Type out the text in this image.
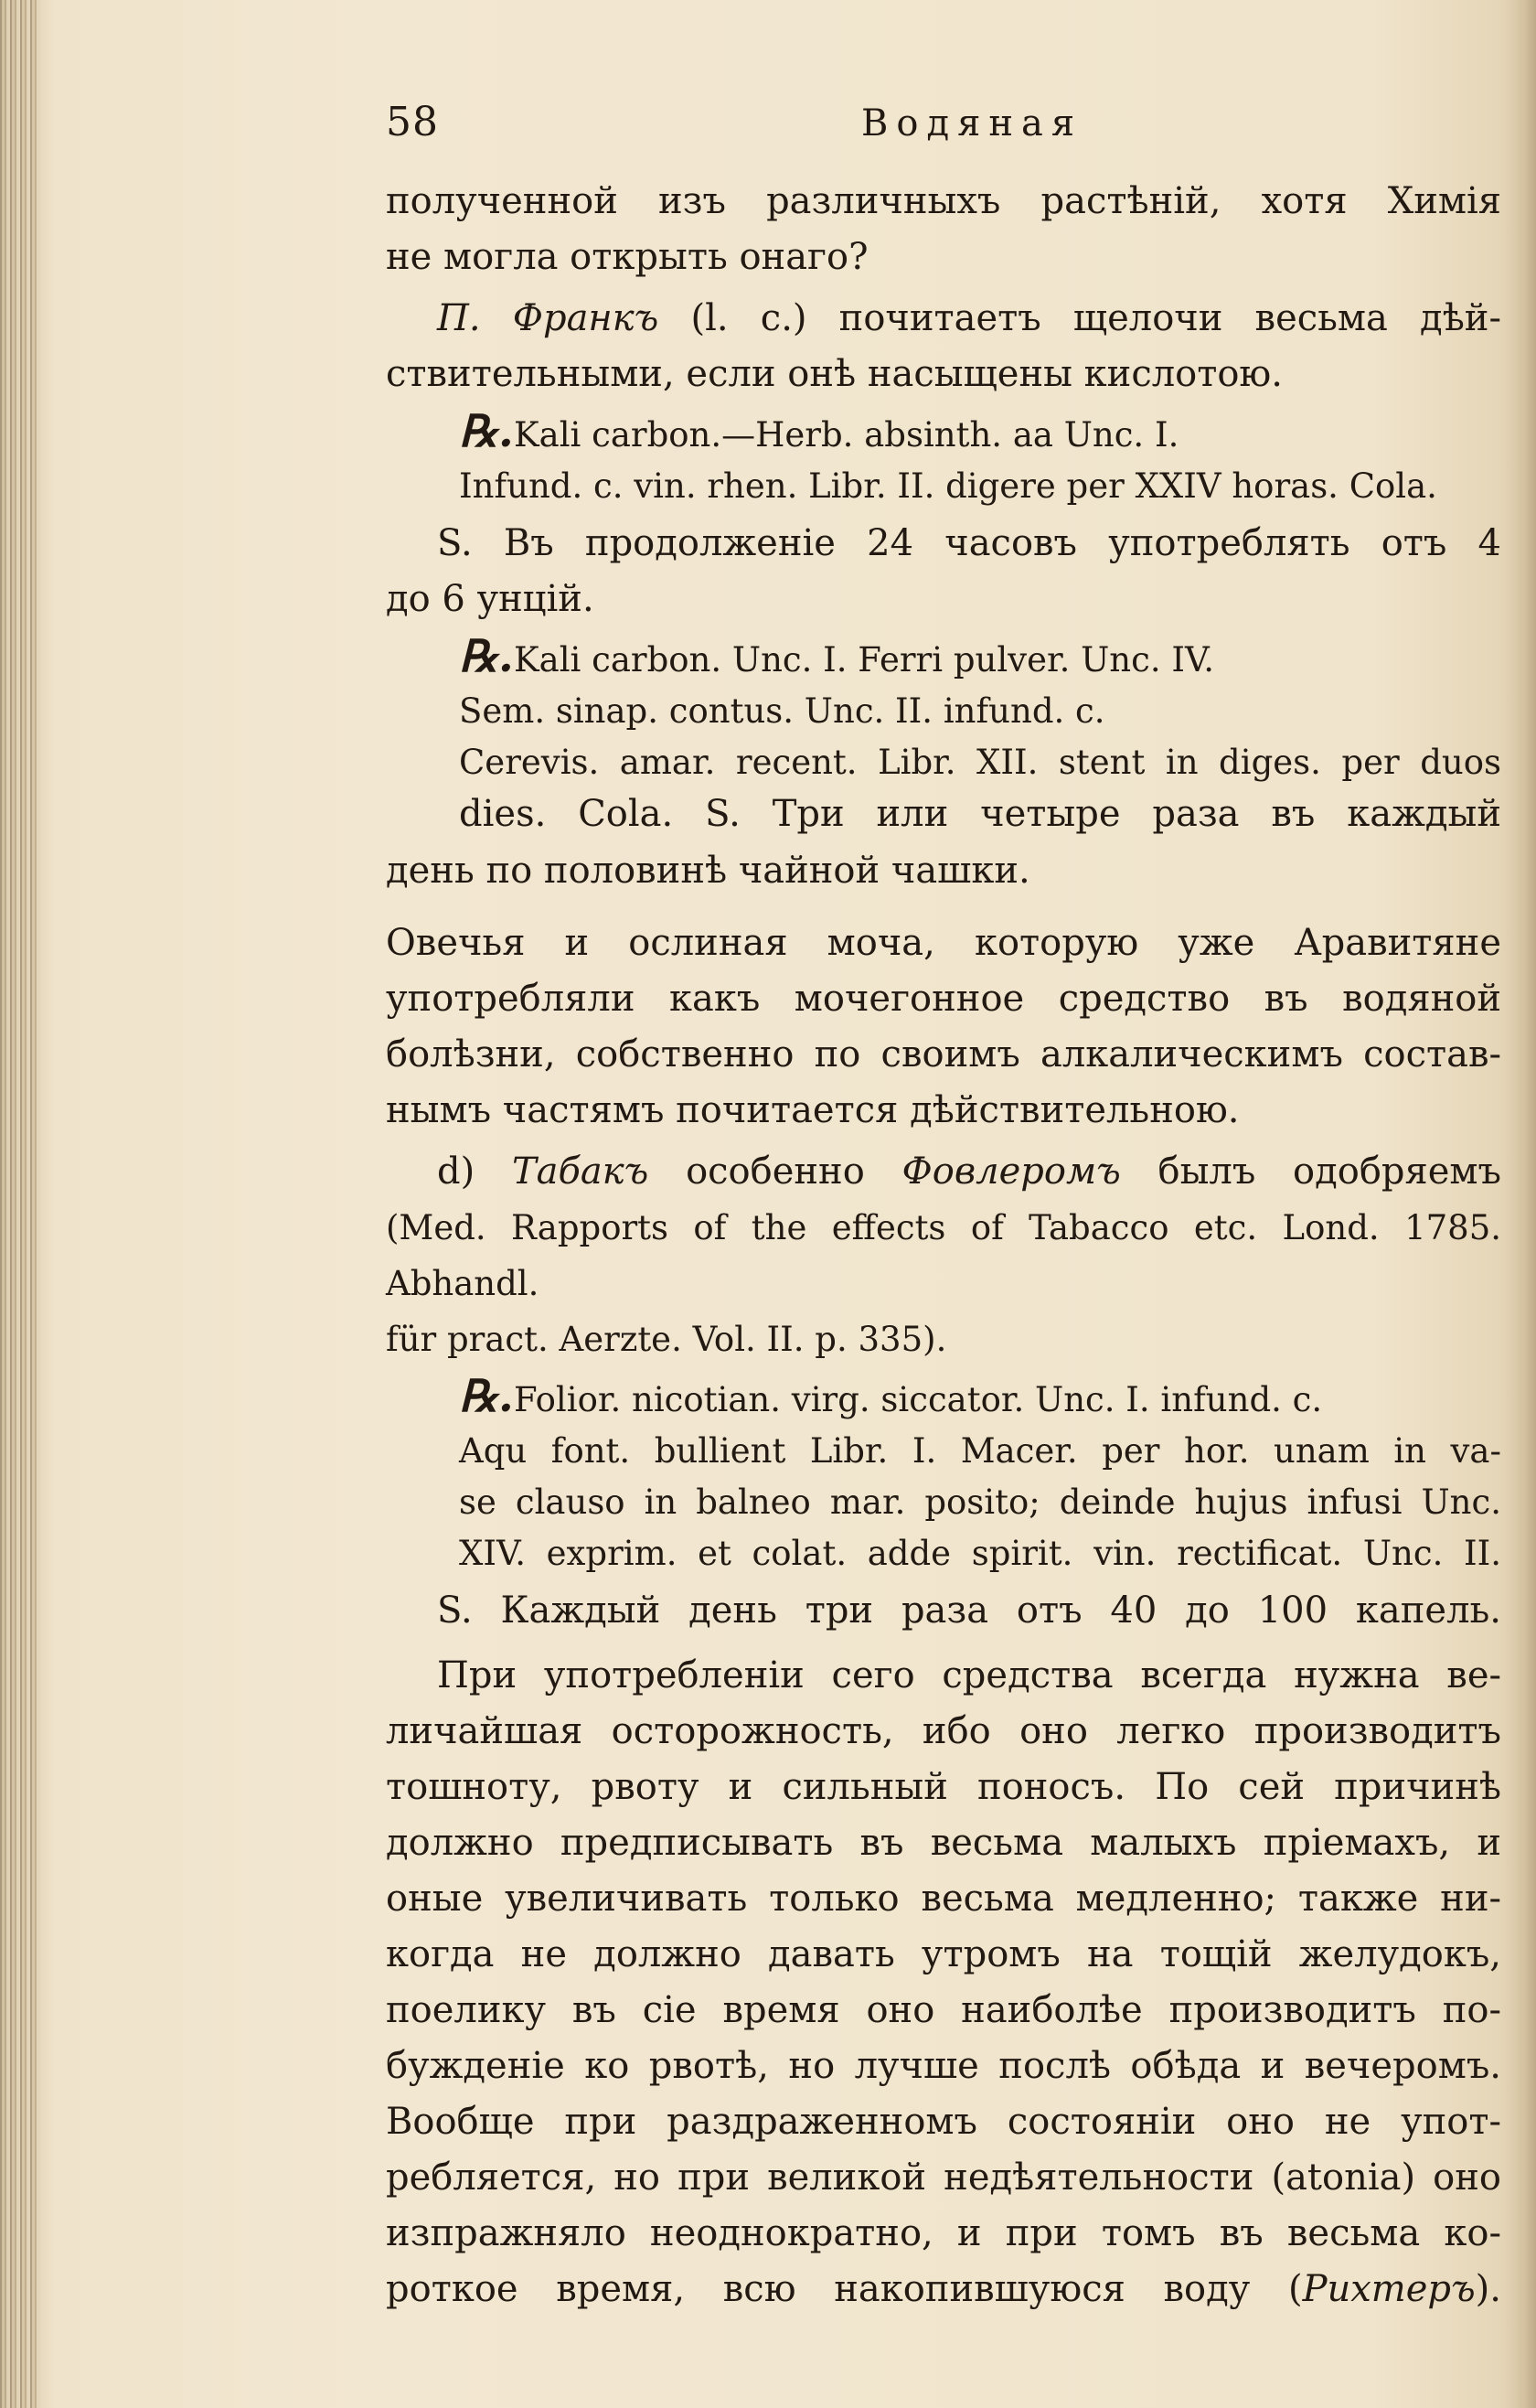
58	Водяная
полученной изъ различныхъ растѣній, хотя Химія
не могла открыть онаго?
П. Франкъ (l. c.) почитаетъ щелочи весьма дѣй-
ствительными, если онѣ насыщены кислотою.
℞.Kali carbon.—Herb. absinth. aa Unc. I.
Infund. c. vin. rhen. Libr. II. digere per XXIV horas. Cola.
S. Въ продолженіе 24 часовъ употреблять отъ 4
до 6 унцій.
℞.Kali carbon. Unc. I. Ferri pulver. Unc. IV.
Sem. sinap. contus. Unc. II. infund. c.
Cerevis. amar. recent. Libr. XII. stent in diges. per duos
dies. Cola. S. Три или четыре раза въ каждый
день по половинѣ чайной чашки.
Овечья и ослиная моча, которую уже Аравитяне
употребляли какъ мочегонное средство въ водяной
болѣзни, собственно по своимъ алкалическимъ состав-
нымъ частямъ почитается дѣйствительною.
d) Табакъ особенно Фовлеромъ былъ одобряемъ
(Med. Rapports of the effects of Tabacco etc. Lond. 1785. Abhandl.
für pract. Aerzte. Vol. II. p. 335).
℞.Folior. nicotian. virg. siccator. Unc. I. infund. c.
Aqu font. bullient Libr. I. Macer. per hor. unam in va-
se clauso in balneo mar. posito; deinde hujus infusi Unc.
XIV. exprim. et colat. adde spirit. vin. rectificat. Unc. II.
S. Каждый день три раза отъ 40 до 100 капель.
При употребленіи сего средства всегда нужна ве-
личайшая осторожность, ибо оно легко производитъ
тошноту, рвоту и сильный поносъ. По сей причинѣ
должно предписывать въ весьма малыхъ пріемахъ, и
оные увеличивать только весьма медленно; также ни-
когда не должно давать утромъ на тощій желудокъ,
поелику въ сіе время оно наиболѣе производитъ по-
бужденіе ко рвотѣ, но лучше послѣ обѣда и вечеромъ.
Вообще при раздраженномъ состояніи оно не упот-
ребляется, но при великой недѣятельности (atonia) оно
изпражняло неоднократно, и при томъ въ весьма ко-
роткое время, всю накопившуюся воду (Рихтеръ).
